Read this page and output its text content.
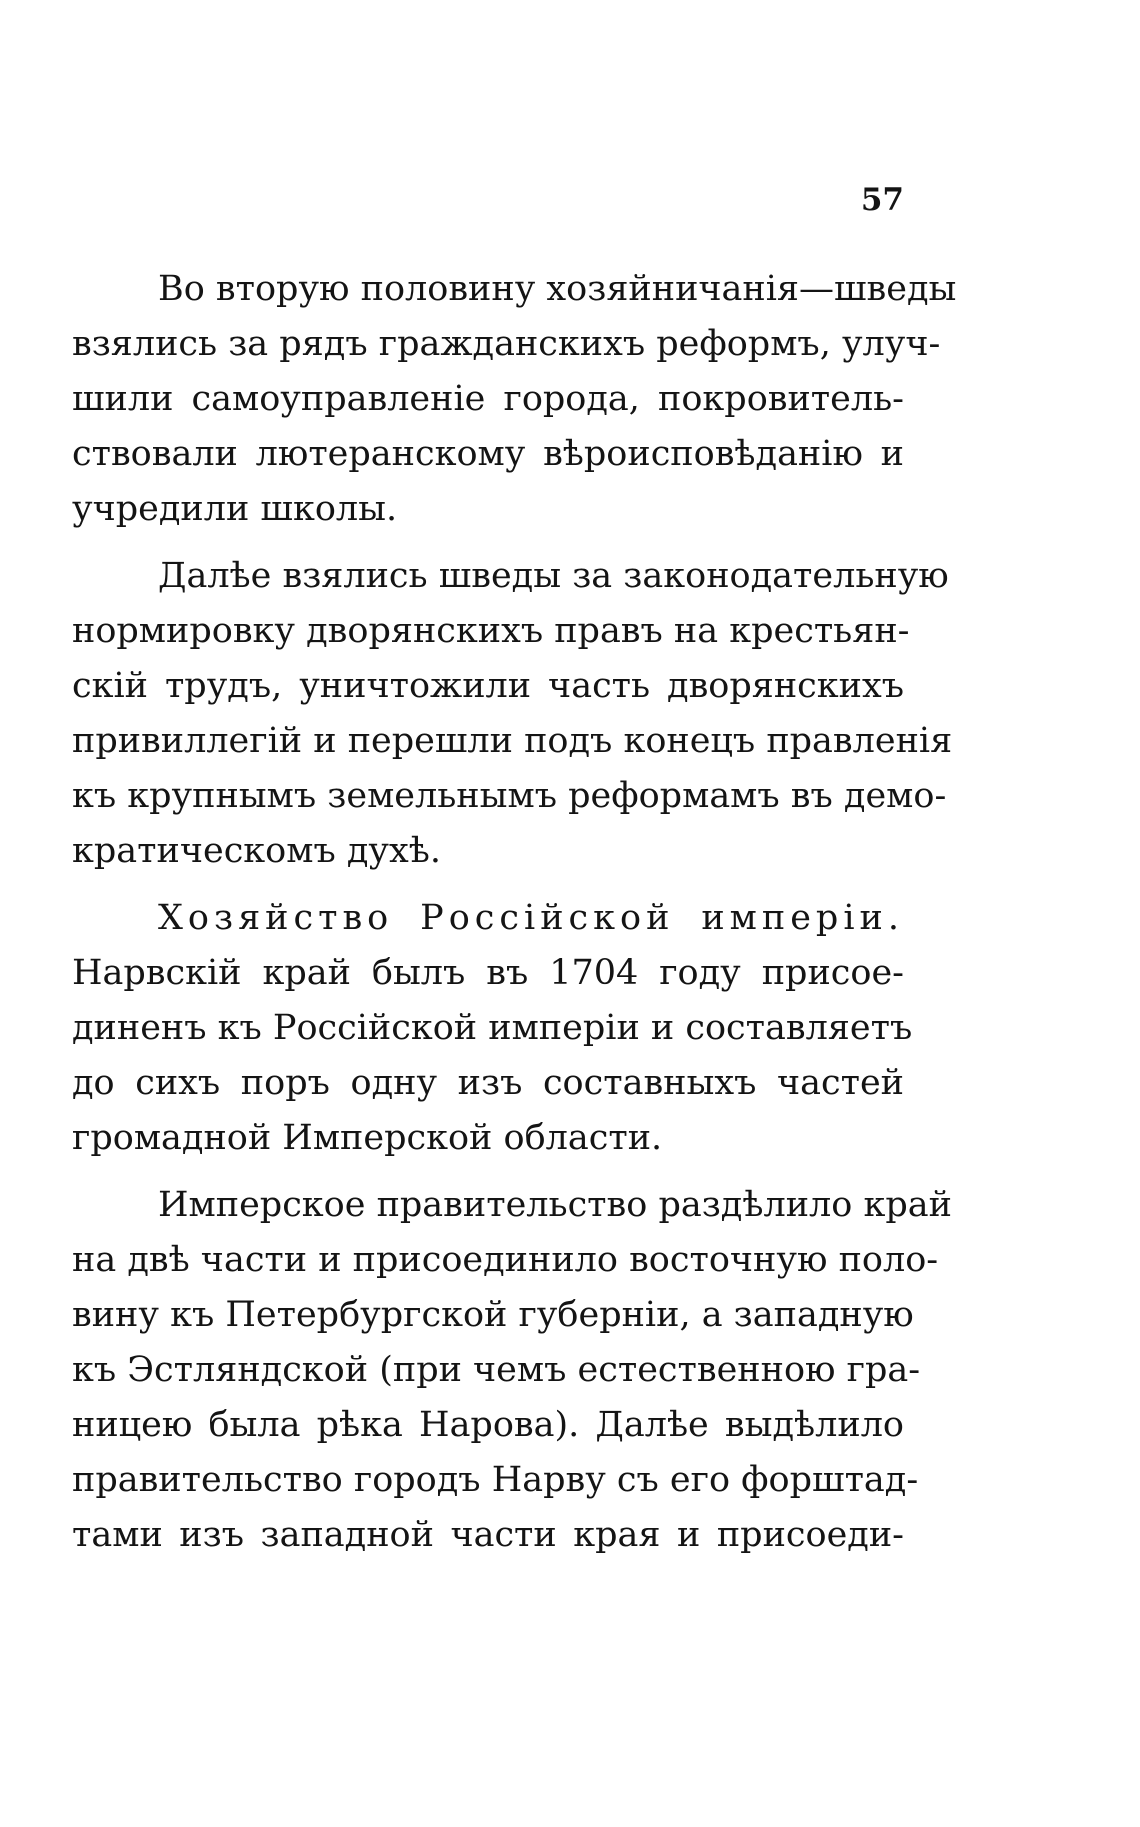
57
Во вторую половину хозяйничанія—шведы
взялись за рядъ гражданскихъ реформъ, улуч-
шили самоуправленіе города, покровитель-
ствовали лютеранскому вѣроисповѣданію и
учредили школы.
Далѣе взялись шведы за законодательную
нормировку дворянскихъ правъ на крестьян-
скій трудъ, уничтожили часть дворянскихъ
привиллегій и перешли подъ конецъ правленія
къ крупнымъ земельнымъ реформамъ въ демо-
кратическомъ духѣ.
Хозяйство Россійской имперіи.
Нарвскій край былъ въ 1704 году присое-
диненъ къ Россійской имперіи и составляетъ
до сихъ поръ одну изъ составныхъ частей
громадной Имперской области.
Имперское правительство раздѣлило край
на двѣ части и присоединило восточную поло-
вину къ Петербургской губерніи, а западную
къ Эстляндской (при чемъ естественною гра-
ницею была рѣка Нарова). Далѣе выдѣлило
правительство городъ Нарву съ его форштад-
тами изъ западной части края и присоеди-
